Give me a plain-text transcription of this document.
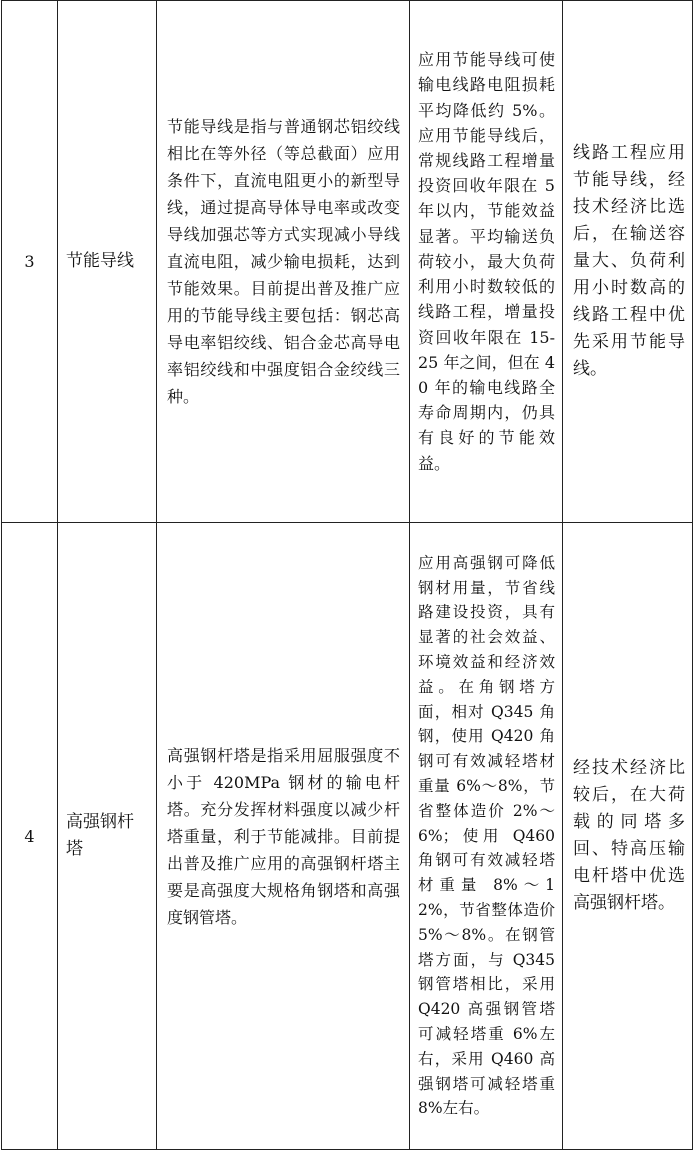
3	节能导线	节能导线是指与普通钢芯铝绞线相比在等外径（等总截面）应用条件下，直流电阻更小的新型导线，通过提高导体导电率或改变导线加强芯等方式实现减小导线直流电阻，减少输电损耗，达到节能效果。目前提出普及推广应用的节能导线主要包括：钢芯高导电率铝绞线、铝合金芯高导电率铝绞线和中强度铝合金绞线三种。	应用节能导线可使输电线路电阻损耗平均降低约 5%。应用节能导线后，常规线路工程增量投资回收年限在 5 年以内，节能效益显著。平均输送负荷较小，最大负荷利用小时数较低的线路工程，增量投资回收年限在 15-25 年之间，但在 40 年的输电线路全寿命周期内，仍具有良好的节能效益。	线路工程应用节能导线，经技术经济比选后，在输送容量大、负荷利用小时数高的线路工程中优先采用节能导线。
4	高强钢杆塔	高强钢杆塔是指采用屈服强度不小于 420MPa 钢材的输电杆塔。充分发挥材料强度以减少杆塔重量，利于节能减排。目前提出普及推广应用的高强钢杆塔主要是高强度大规格角钢塔和高强度钢管塔。	应用高强钢可降低钢材用量，节省线路建设投资，具有显著的社会效益、环境效益和经济效益。在角钢塔方面，相对 Q345 角钢，使用 Q420 角钢可有效减轻塔材重量 6%～8%，节省整体造价 2%～6%；使用 Q460 角钢可有效减轻塔材重量 8%～12%，节省整体造价 5%～8%。在钢管塔方面，与 Q345 钢管塔相比，采用 Q420 高强钢管塔可减轻塔重 6%左右，采用 Q460 高强钢塔可减轻塔重 8%左右。	经技术经济比较后，在大荷载的同塔多回、特高压输电杆塔中优选高强钢杆塔。
